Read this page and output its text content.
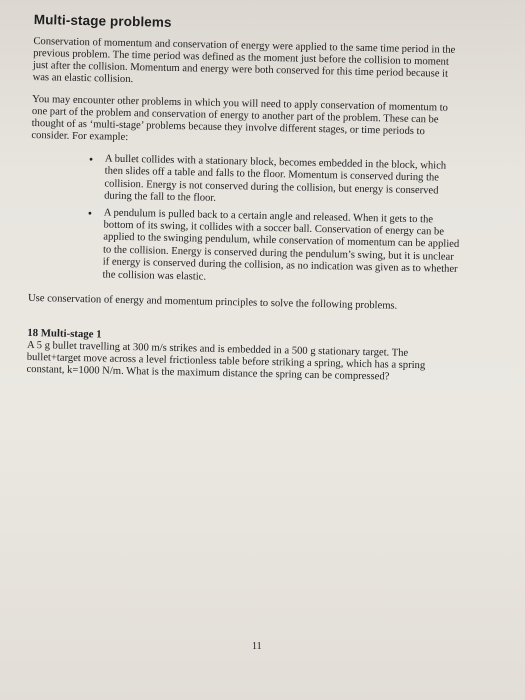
Multi-stage problems

Conservation of momentum and conservation of energy were applied to the same time period in the previous problem. The time period was defined as the moment just before the collision to moment just after the collision. Momentum and energy were both conserved for this time period because it was an elastic collision.

You may encounter other problems in which you will need to apply conservation of momentum to one part of the problem and conservation of energy to another part of the problem. These can be thought of as ‘multi-stage’ problems because they involve different stages, or time periods to consider. For example:

• A bullet collides with a stationary block, becomes embedded in the block, which then slides off a table and falls to the floor. Momentum is conserved during the collision. Energy is not conserved during the collision, but energy is conserved during the fall to the floor.
• A pendulum is pulled back to a certain angle and released. When it gets to the bottom of its swing, it collides with a soccer ball. Conservation of energy can be applied to the swinging pendulum, while conservation of momentum can be applied to the collision. Energy is conserved during the pendulum’s swing, but it is unclear if energy is conserved during the collision, as no indication was given as to whether the collision was elastic.

Use conservation of energy and momentum principles to solve the following problems.

18 Multi-stage 1

A 5 g bullet travelling at 300 m/s strikes and is embedded in a 500 g stationary target. The bullet+target move across a level frictionless table before striking a spring, which has a spring constant, k=1000 N/m. What is the maximum distance the spring can be compressed?

11
